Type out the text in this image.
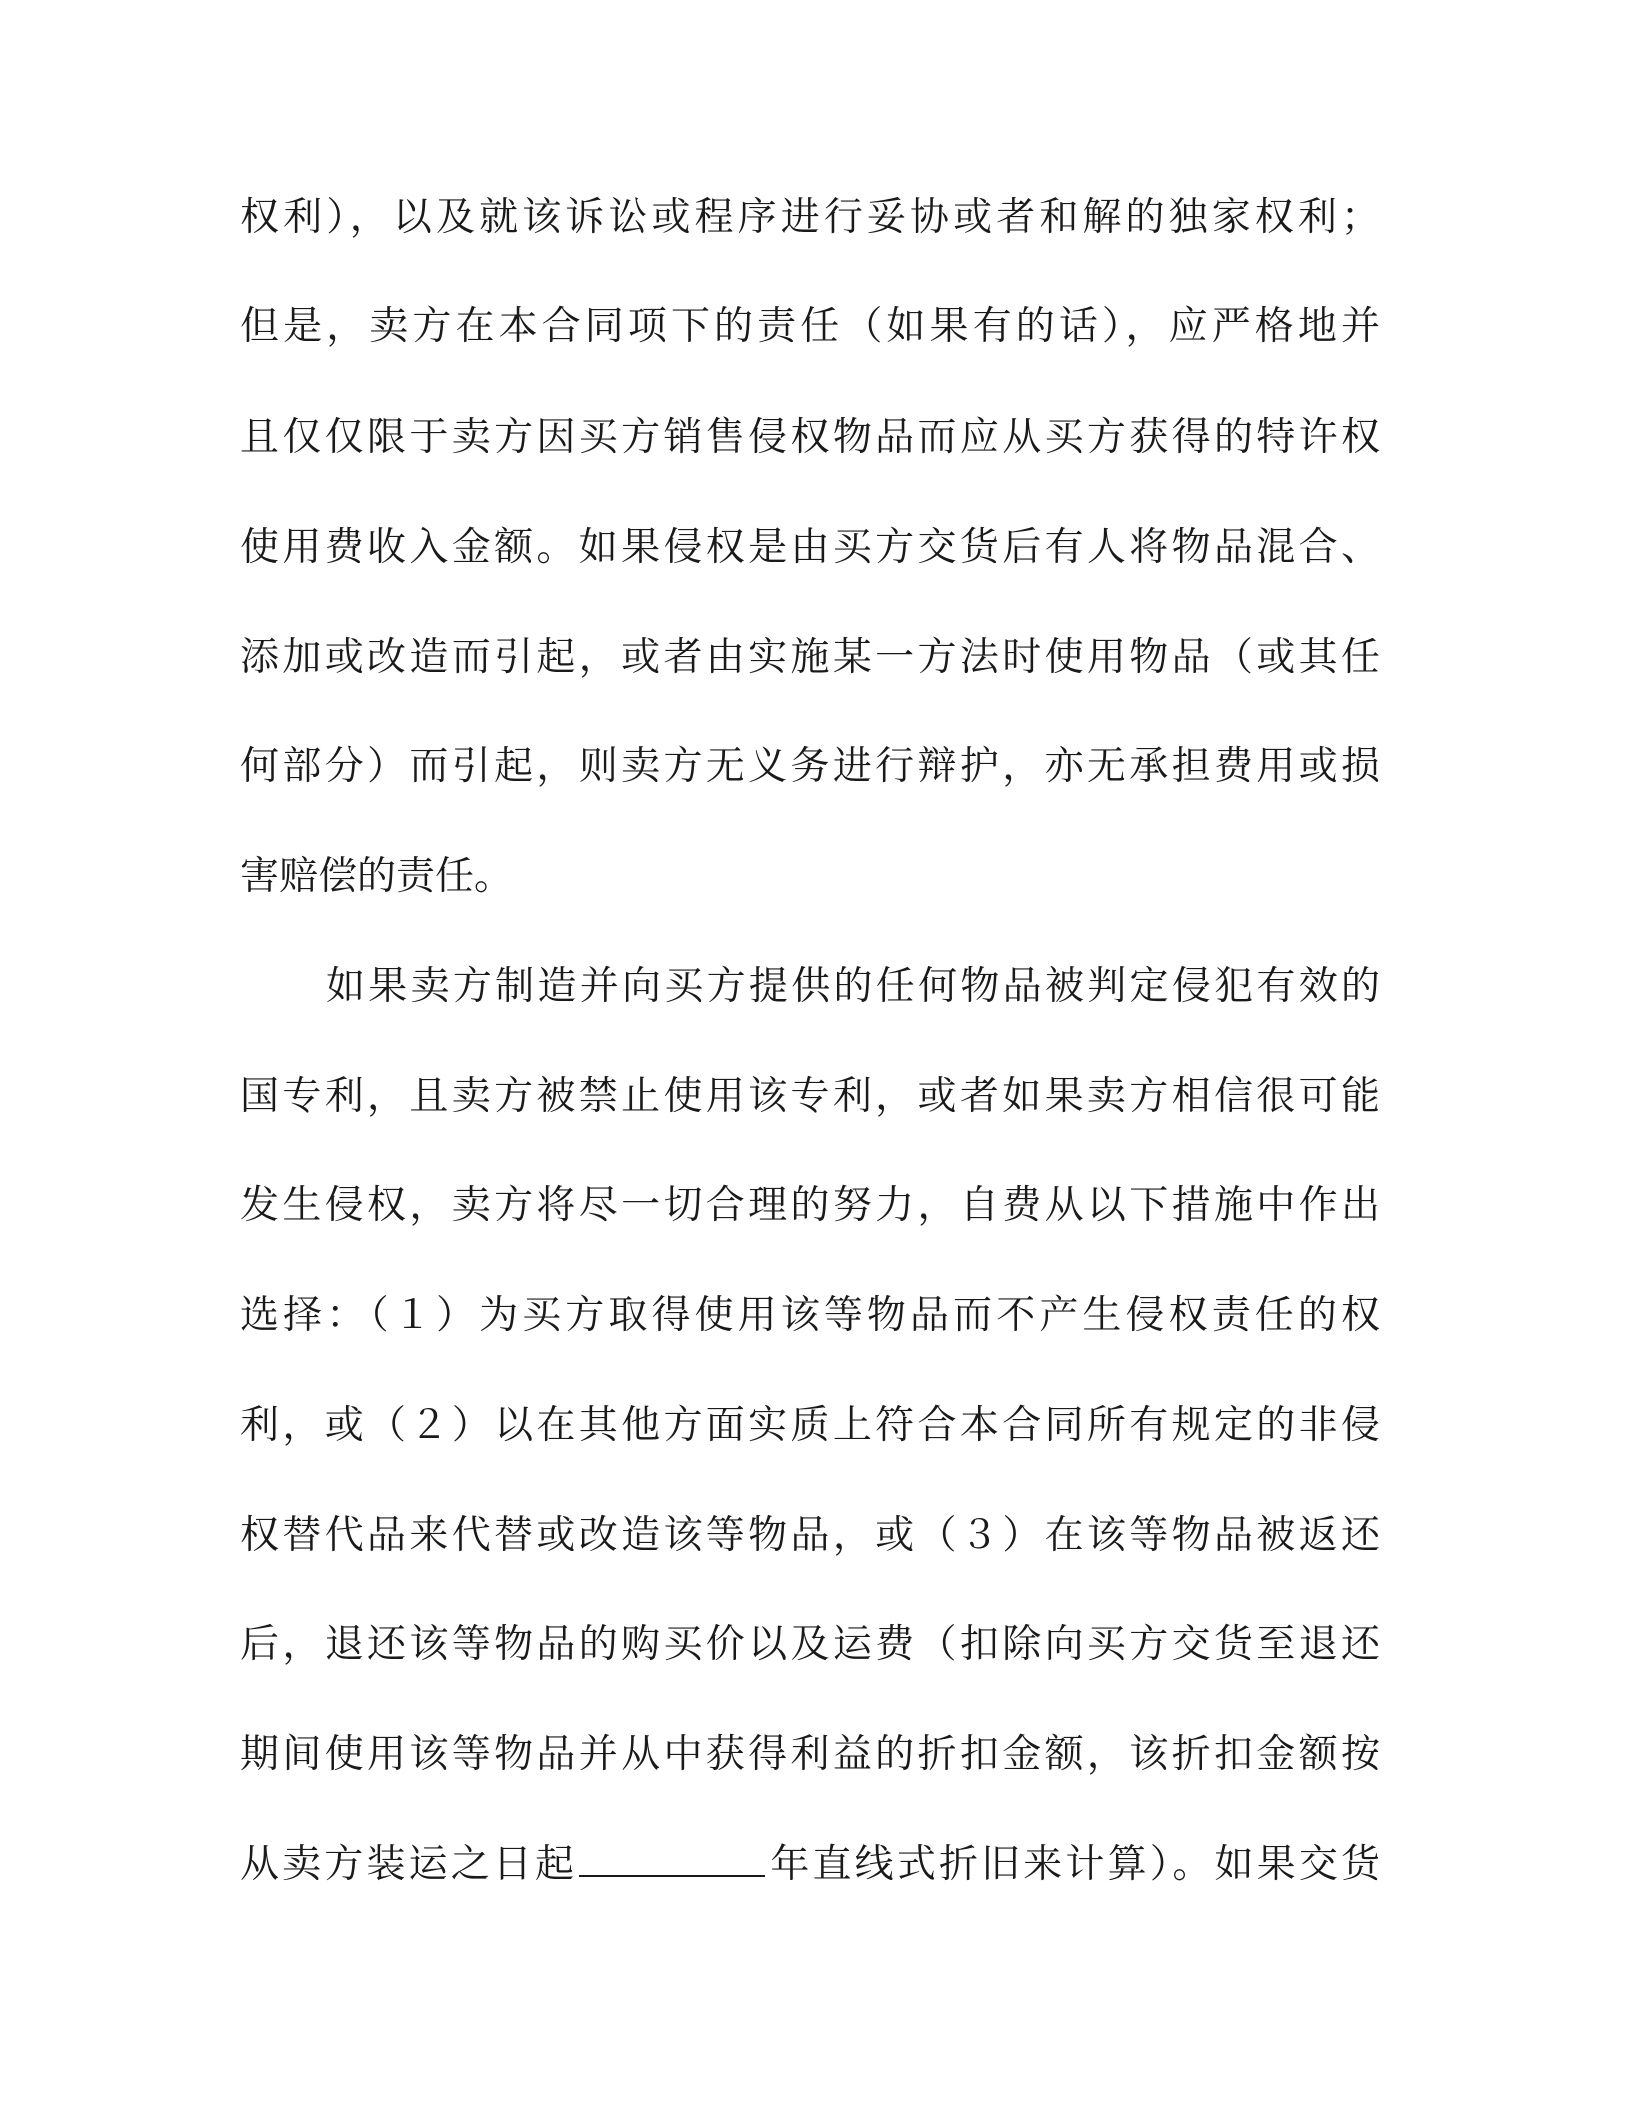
权利），以及就该诉讼或程序进行妥协或者和解的独家权利；
但是，卖方在本合同项下的责任（如果有的话），应严格地并
且仅仅限于卖方因买方销售侵权物品而应从买方获得的特许权
使用费收入金额。如果侵权是由买方交货后有人将物品混合、
添加或改造而引起，或者由实施某一方法时使用物品（或其任
何部分）而引起，则卖方无义务进行辩护，亦无承担费用或损
害赔偿的责任。
如果卖方制造并向买方提供的任何物品被判定侵犯有效的
国专利，且卖方被禁止使用该专利，或者如果卖方相信很可能
发生侵权，卖方将尽一切合理的努力，自费从以下措施中作出
选择：（１）为买方取得使用该等物品而不产生侵权责任的权
利，或（２）以在其他方面实质上符合本合同所有规定的非侵
权替代品来代替或改造该等物品，或（３）在该等物品被返还
后，退还该等物品的购买价以及运费（扣除向买方交货至退还
期间使用该等物品并从中获得利益的折扣金额，该折扣金额按
从卖方装运之日起	年直线式折旧来计算）。如果交货
